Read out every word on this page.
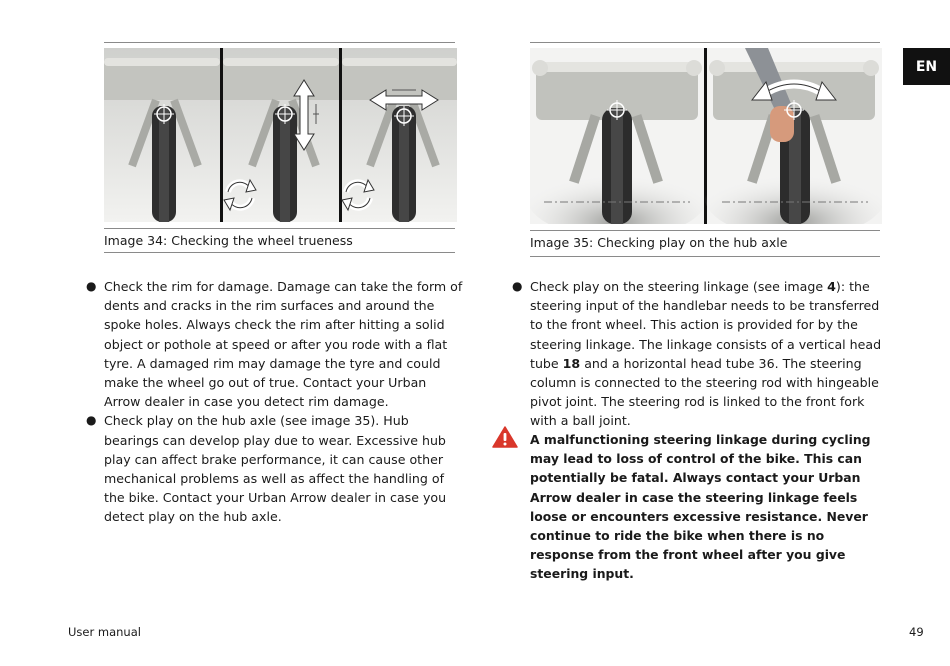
EN
Image 34: Checking the wheel trueness
● Check the rim for damage. Damage can take the form of dents and cracks in the rim surfaces and around the spoke holes. Always check the rim after hitting a solid object or pothole at speed or after you rode with a flat tyre. A damaged rim may damage the tyre and could make the wheel go out of true. Contact your Urban Arrow dealer in case you detect rim damage.
● Check play on the hub axle (see image 35). Hub bearings can develop play due to wear. Excessive hub play can affect brake performance, it can cause other mechanical problems as well as affect the handling of the bike. Contact your Urban Arrow dealer in case you detect play on the hub axle.
Image 35: Checking play on the hub axle
● Check play on the steering linkage (see image 4): the steering input of the handlebar needs to be transferred to the front wheel. This action is provided for by the steering linkage. The linkage consists of a vertical head tube 18 and a horizontal head tube 36. The steering column is connected to the steering rod with hingeable pivot joint. The steering rod is linked to the front fork with a ball joint.
A malfunctioning steering linkage during cycling may lead to loss of control of the bike. This can potentially be fatal. Always contact your Urban Arrow dealer in case the steering linkage feels loose or encounters excessive resistance. Never continue to ride the bike when there is no response from the front wheel after you give steering input.
User manual	49
